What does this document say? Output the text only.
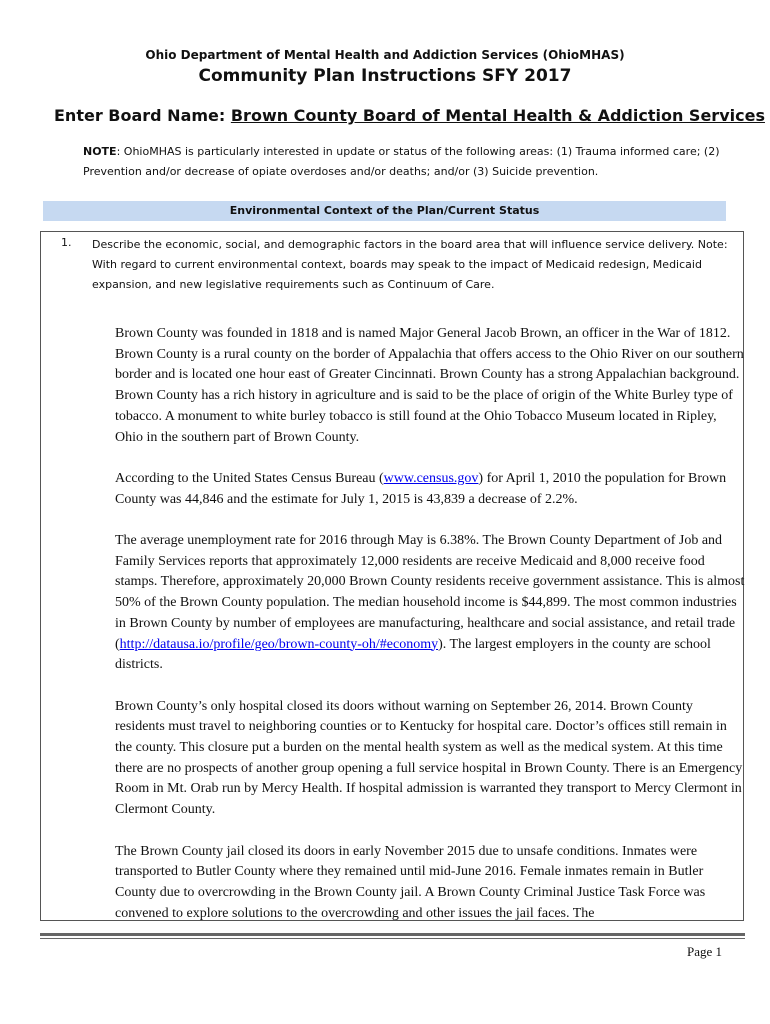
Ohio Department of Mental Health and Addiction Services (OhioMHAS)
Community Plan Instructions SFY 2017
Enter Board Name: Brown County Board of Mental Health & Addiction Services
NOTE: OhioMHAS is particularly interested in update or status of the following areas: (1) Trauma informed care; (2) Prevention and/or decrease of opiate overdoses and/or deaths; and/or (3) Suicide prevention.
Environmental Context of the Plan/Current Status
1. Describe the economic, social, and demographic factors in the board area that will influence service delivery. Note: With regard to current environmental context, boards may speak to the impact of Medicaid redesign, Medicaid expansion, and new legislative requirements such as Continuum of Care.

Brown County was founded in 1818 and is named Major General Jacob Brown, an officer in the War of 1812. Brown County is a rural county on the border of Appalachia that offers access to the Ohio River on our southern border and is located one hour east of Greater Cincinnati. Brown County has a strong Appalachian background. Brown County has a rich history in agriculture and is said to be the place of origin of the White Burley type of tobacco. A monument to white burley tobacco is still found at the Ohio Tobacco Museum located in Ripley, Ohio in the southern part of Brown County.

According to the United States Census Bureau (www.census.gov) for April 1, 2010 the population for Brown County was 44,846 and the estimate for July 1, 2015 is 43,839 a decrease of 2.2%.

The average unemployment rate for 2016 through May is 6.38%. The Brown County Department of Job and Family Services reports that approximately 12,000 residents are receive Medicaid and 8,000 receive food stamps. Therefore, approximately 20,000 Brown County residents receive government assistance. This is almost 50% of the Brown County population. The median household income is $44,899. The most common industries in Brown County by number of employees are manufacturing, healthcare and social assistance, and retail trade (http://datausa.io/profile/geo/brown-county-oh/#economy). The largest employers in the county are school districts.

Brown County’s only hospital closed its doors without warning on September 26, 2014. Brown County residents must travel to neighboring counties or to Kentucky for hospital care. Doctor’s offices still remain in the county. This closure put a burden on the mental health system as well as the medical system. At this time there are no prospects of another group opening a full service hospital in Brown County. There is an Emergency Room in Mt. Orab run by Mercy Health. If hospital admission is warranted they transport to Mercy Clermont in Clermont County.

The Brown County jail closed its doors in early November 2015 due to unsafe conditions. Inmates were transported to Butler County where they remained until mid-June 2016. Female inmates remain in Butler County due to overcrowding in the Brown County jail. A Brown County Criminal Justice Task Force was convened to explore solutions to the overcrowding and other issues the jail faces. The

Page 1
